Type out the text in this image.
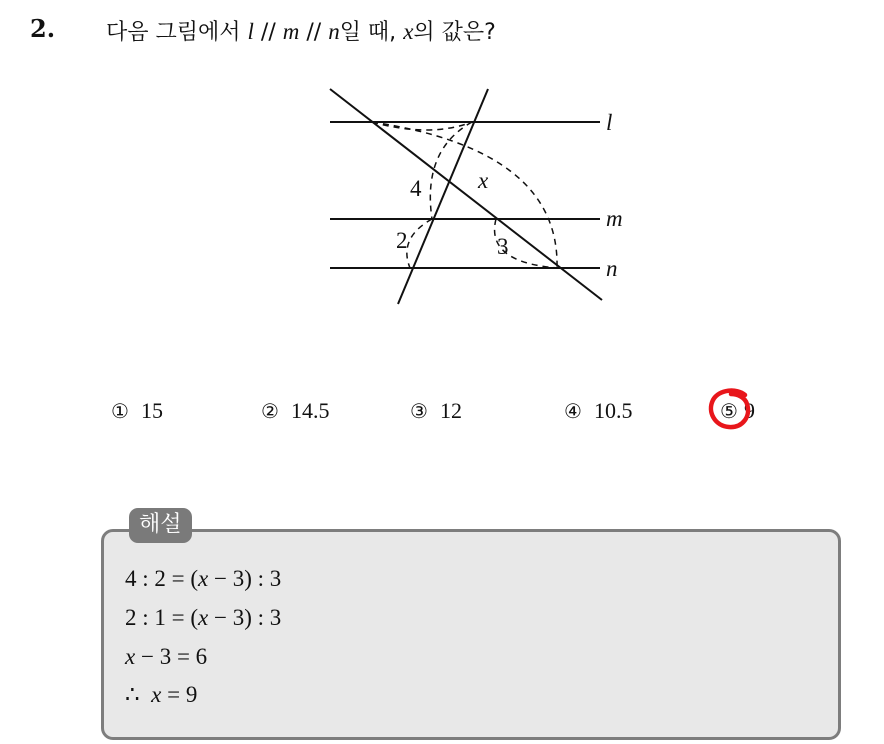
2. 다음 그림에서 l // m // n일 때, x의 값은?
l
m
n
4
2
x
3
① 15	② 14.5	③ 12	④ 10.5	⑤ 9
해설
4 : 2 = (x − 3) : 3
2 : 1 = (x − 3) : 3
x − 3 = 6
∴  x = 9
